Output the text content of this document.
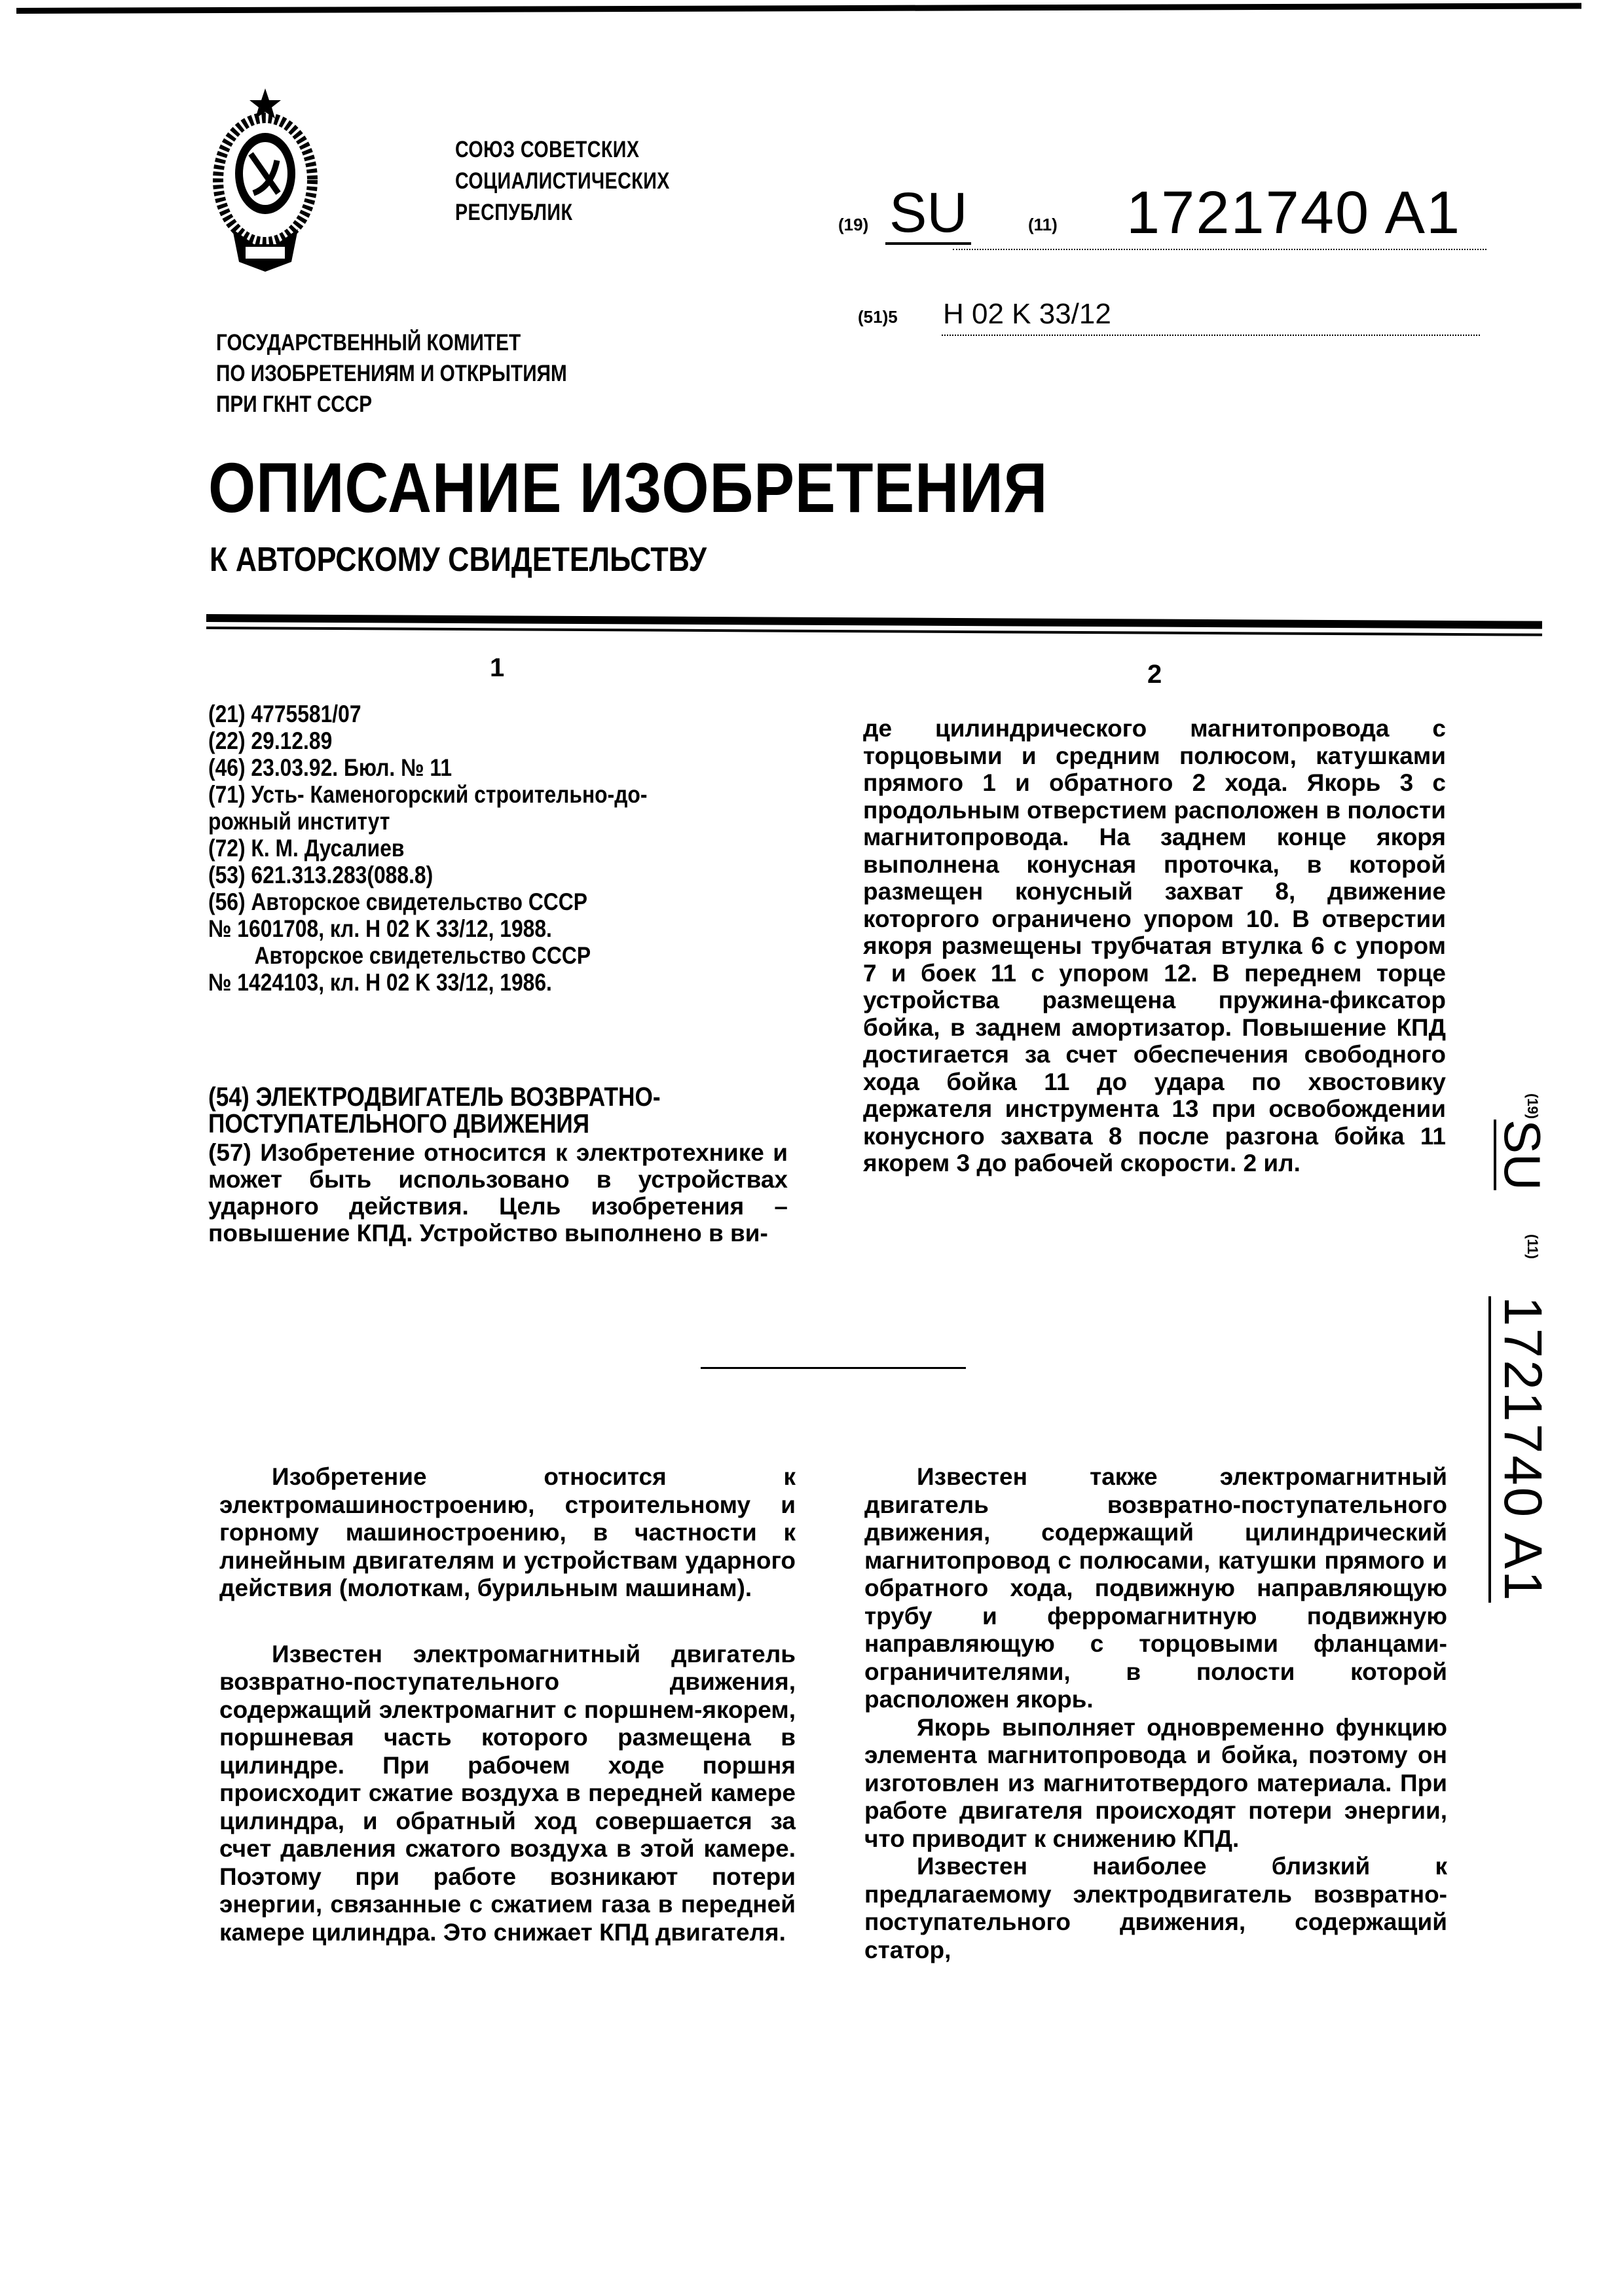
СОЮЗ СОВЕТСКИХ
СОЦИАЛИСТИЧЕСКИХ
РЕСПУБЛИК	(19) SU	(11) 1721740 A1
(51)5 H 02 K 33/12
ГОСУДАРСТВЕННЫЙ КОМИТЕТ
ПО ИЗОБРЕТЕНИЯМ И ОТКРЫТИЯМ
ПРИ ГКНТ СССР
ОПИСАНИЕ ИЗОБРЕТЕНИЯ
К АВТОРСКОМУ СВИДЕТЕЛЬСТВУ
1	2
(21) 4775581/07
(22) 29.12.89
(46) 23.03.92. Бюл. № 11
(71) Усть- Каменогорский строительно-до-
рожный институт
(72) К. М. Дусалиев
(53) 621.313.283(088.8)
(56) Авторское свидетельство СССР
№ 1601708, кл. H 02 K 33/12, 1988.
Авторское свидетельство СССР
№ 1424103, кл. H 02 K 33/12, 1986.
(54) ЭЛЕКТРОДВИГАТЕЛЬ ВОЗВРАТНО-
ПОСТУПАТЕЛЬНОГО ДВИЖЕНИЯ
(57) Изобретение относится к электротехнике и может быть использовано в устройствах ударного действия. Цель изобретения – повышение КПД. Устройство выполнено в ви-
де цилиндрического магнитопровода с торцовыми и средним полюсом, катушками прямого 1 и обратного 2 хода. Якорь 3 с продольным отверстием расположен в полости магнитопровода. На заднем конце якоря выполнена конусная проточка, в которой размещен конусный захват 8, движение которгого ограничено упором 10. В отверстии якоря размещены трубчатая втулка 6 с упором 7 и боек 11 с упором 12. В переднем торце устройства размещена пружина-фиксатор бойка, в заднем амортизатор. Повышение КПД достигается за счет обеспечения свободного хода бойка 11 до удара по хвостовику держателя инструмента 13 при освобождении конусного захвата 8 после разгона бойка 11 якорем 3 до рабочей скорости. 2 ил.
(19)
SU
(11)
1721740 A1

Изобретение относится к электромашиностроению, строительному и горному машиностроению, в частности к линейным двигателям и устройствам ударного действия (молоткам, бурильным машинам).

Известен электромагнитный двигатель возвратно-поступательного движения, содержащий электромагнит с поршнем-якорем, поршневая часть которого размещена в цилиндре. При рабочем ходе поршня происходит сжатие воздуха в передней камере цилиндра, и обратный ход совершается за счет давления сжатого воздуха в этой камере. Поэтому при работе возникают потери энергии, связанные с сжатием газа в передней камере цилиндра. Это снижает КПД двигателя.

Известен также электромагнитный двигатель возвратно-поступательного движения, содержащий цилиндрический магнитопровод с полюсами, катушки прямого и обратного хода, подвижную направляющую трубу и ферромагнитную подвижную направляющую с торцовыми фланцами-ограничителями, в полости которой расположен якорь.

Якорь выполняет одновременно функцию элемента магнитопровода и бойка, поэтому он изготовлен из магнитотвердого материала. При работе двигателя происходят потери энергии, что приводит к снижению КПД.

Известен наиболее близкий к предлагаемому электродвигатель возвратно-поступательного движения, содержащий статор,
